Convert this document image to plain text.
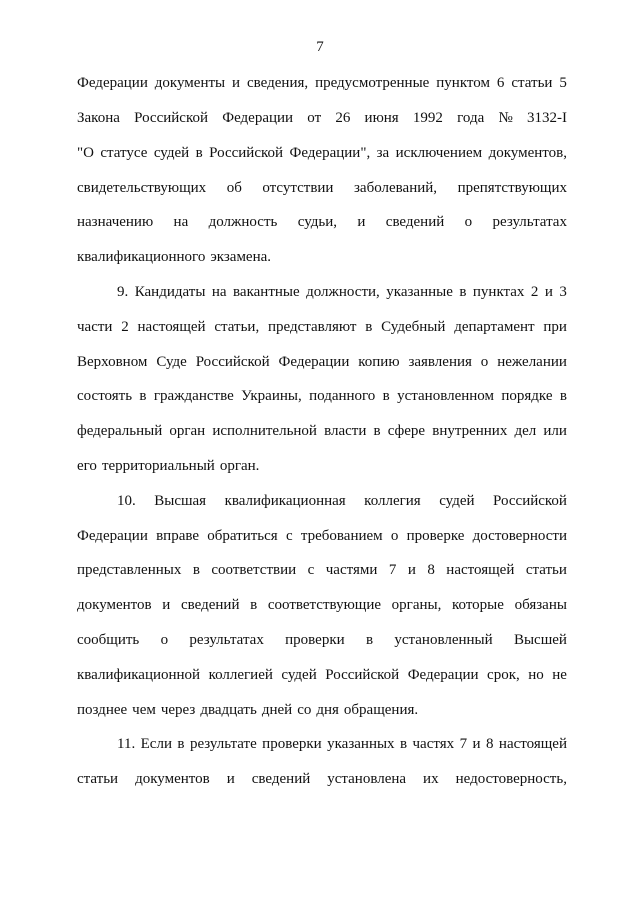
7
Федерации документы и сведения, предусмотренные пунктом 6 статьи 5
Закона Российской Федерации от 26 июня 1992 года № 3132-I
"О статусе судей в Российской Федерации", за исключением документов,
свидетельствующих об отсутствии заболеваний, препятствующих
назначению на должность судьи, и сведений о результатах
квалификационного экзамена.
9. Кандидаты на вакантные должности, указанные в пунктах 2 и 3
части 2 настоящей статьи, представляют в Судебный департамент при
Верховном Суде Российской Федерации копию заявления о нежелании
состоять в гражданстве Украины, поданного в установленном порядке в
федеральный орган исполнительной власти в сфере внутренних дел или
его территориальный орган.
10. Высшая квалификационная коллегия судей Российской
Федерации вправе обратиться с требованием о проверке достоверности
представленных в соответствии с частями 7 и 8 настоящей статьи
документов и сведений в соответствующие органы, которые обязаны
сообщить о результатах проверки в установленный Высшей
квалификационной коллегией судей Российской Федерации срок, но не
позднее чем через двадцать дней со дня обращения.
11. Если в результате проверки указанных в частях 7 и 8 настоящей
статьи документов и сведений установлена их недостоверность,
